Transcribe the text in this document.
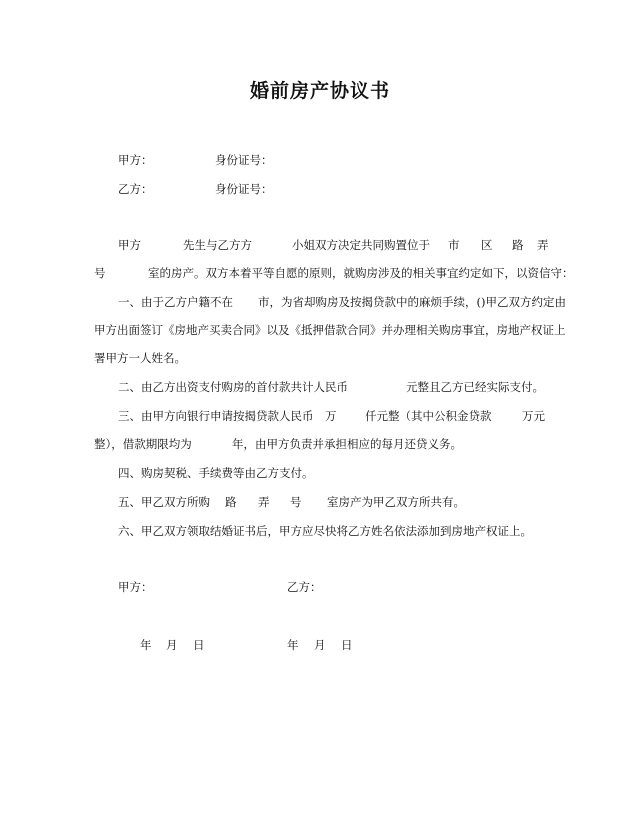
婚前房产协议书
甲方：	身份证号：
乙方：	身份证号：
甲方	先生与乙方方	小姐双方决定共同购置位于 市 区 路 弄
号	室的房产。双方本着平等自愿的原则，就购房涉及的相关事宜约定如下，以资信守：
一、由于乙方户籍不在 市，为省却购房及按揭贷款中的麻烦手续，()甲乙双方约定由
甲方出面签订《房地产买卖合同》以及《抵押借款合同》并办理相关购房事宜，房地产权证上
署甲方一人姓名。
二、由乙方出资支付购房的首付款共计人民币	元整且乙方已经实际支付。
三、由甲方向银行申请按揭贷款人民币 万 仟元整（其中公积金贷款	万元
整），借款期限均为	年，由甲方负责并承担相应的每月还贷义务。
四、购房契税、手续费等由乙方支付。
五、甲乙双方所购 路 弄 号 室房产为甲乙双方所共有。
六、甲乙双方领取结婚证书后，甲方应尽快将乙方姓名依法添加到房地产权证上。
甲方：	乙方：
年 月 日	年 月 日
